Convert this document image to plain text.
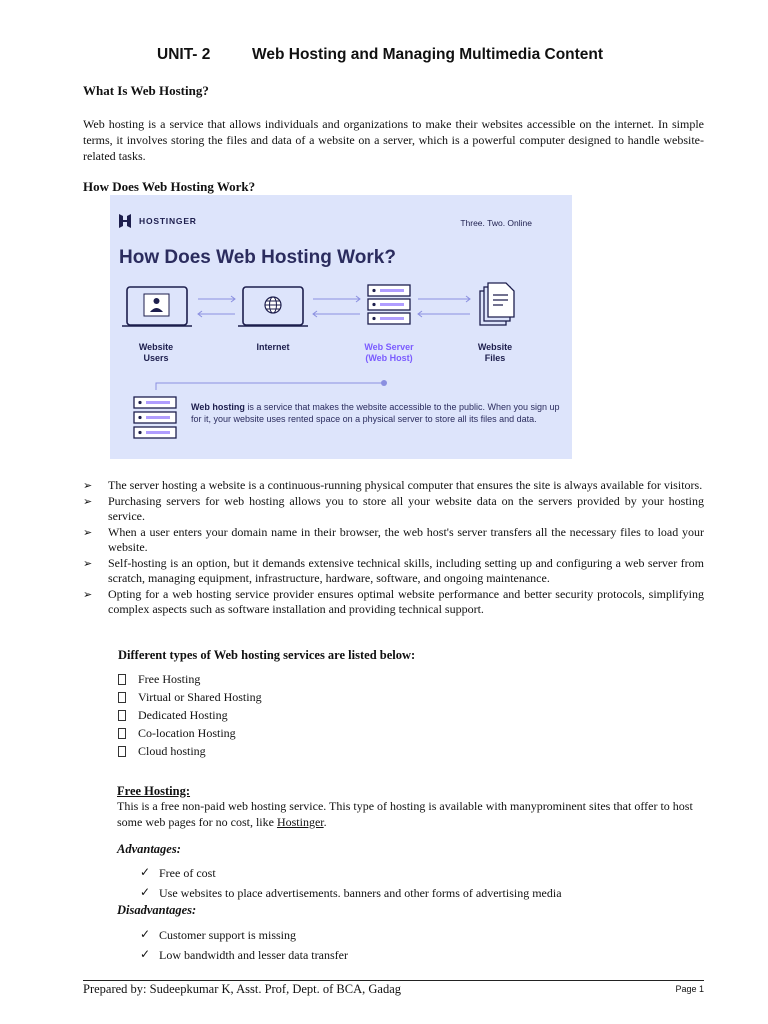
UNIT- 2	Web Hosting and Managing Multimedia Content
What Is Web Hosting?

Web hosting is a service that allows individuals and organizations to make their websites accessible on the internet. In simple terms, it involves storing the files and data of a website on a server, which is a powerful computer designed to handle website-related tasks.

How Does Web Hosting Work?
HOSTINGER	Three. Two. Online
How Does Web Hosting Work?
Website
Users
Internet	Web Server
(Web Host)
Website
Files
Web hosting is a service that makes the website accessible to the public. When you sign up for it, your website uses rented space on a physical server to store all its files and data.
➢ The server hosting a website is a continuous-running physical computer that ensures the site is always available for visitors.
➢ Purchasing servers for web hosting allows you to store all your website data on the servers provided by your hosting service.
➢ When a user enters your domain name in their browser, the web host's server transfers all the necessary files to load your website.
➢ Self-hosting is an option, but it demands extensive technical skills, including setting up and configuring a web server from scratch, managing equipment, infrastructure, hardware, software, and ongoing maintenance.
➢ Opting for a web hosting service provider ensures optimal website performance and better security protocols, simplifying complex aspects such as software installation and providing technical support.
Different types of Web hosting services are listed below:
Free Hosting
Virtual or Shared Hosting
Dedicated Hosting
Co-location Hosting
Cloud hosting
Free Hosting:

This is a free non-paid web hosting service. This type of hosting is available with manyprominent sites that offer to host some web pages for no cost, like Hostinger.

Advantages:
✓ Free of cost
✓ Use websites to place advertisements. banners and other forms of advertising media
Disadvantages:
✓ Customer support is missing
✓ Low bandwidth and lesser data transfer
Prepared by: Sudeepkumar K, Asst. Prof, Dept. of BCA, Gadag	Page 1
